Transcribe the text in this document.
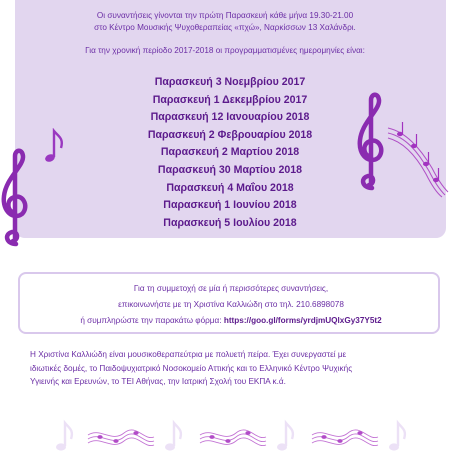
Οι συναντήσεις γίνονται την πρώτη Παρασκευή κάθε μήνα 19.30-21.00
στο Κέντρο Μουσικής Ψυχοθεραπείας «πχώ», Ναρκίσσων 13 Χαλάνδρι.
Για την χρονική περίοδο 2017-2018 οι προγραμματισμένες ημερομηνίες είναι:
Παρασκευή 3 Νοεμβρίου 2017
Παρασκευή 1 Δεκεμβρίου 2017
Παρασκευή 12 Ιανουαρίου 2018
Παρασκευή 2 Φεβρουαρίου 2018
Παρασκευή 2 Μαρτίου 2018
Παρασκευή 30 Μαρτίου 2018
Παρασκευή 4 Μαΐου 2018
Παρασκευή 1 Ιουνίου 2018
Παρασκευή 5 Ιουλίου 2018
Για τη συμμετοχή σε μία ή περισσότερες συναντήσεις,
επικοινωνήστε με τη Χριστίνα Καλλιώδη στο τηλ. 210.6898078
ή συμπληρώστε την παρακάτω φόρμα: https://goo.gl/forms/yrdjmUQlxGy37Y5t2
Η Χριστίνα Καλλιώδη είναι μουσικοθεραπεύτρια με πολυετή πείρα. Έχει συνεργαστεί με
ιδιωτικές δομές, το Παιδοψυχιατρικό Νοσοκομείο Αττικής και το Ελληνικό Κέντρο Ψυχικής
Υγιεινής και Ερευνών, το ΤΕΙ Αθήνας, την Ιατρική Σχολή του ΕΚΠΑ κ.ά.
